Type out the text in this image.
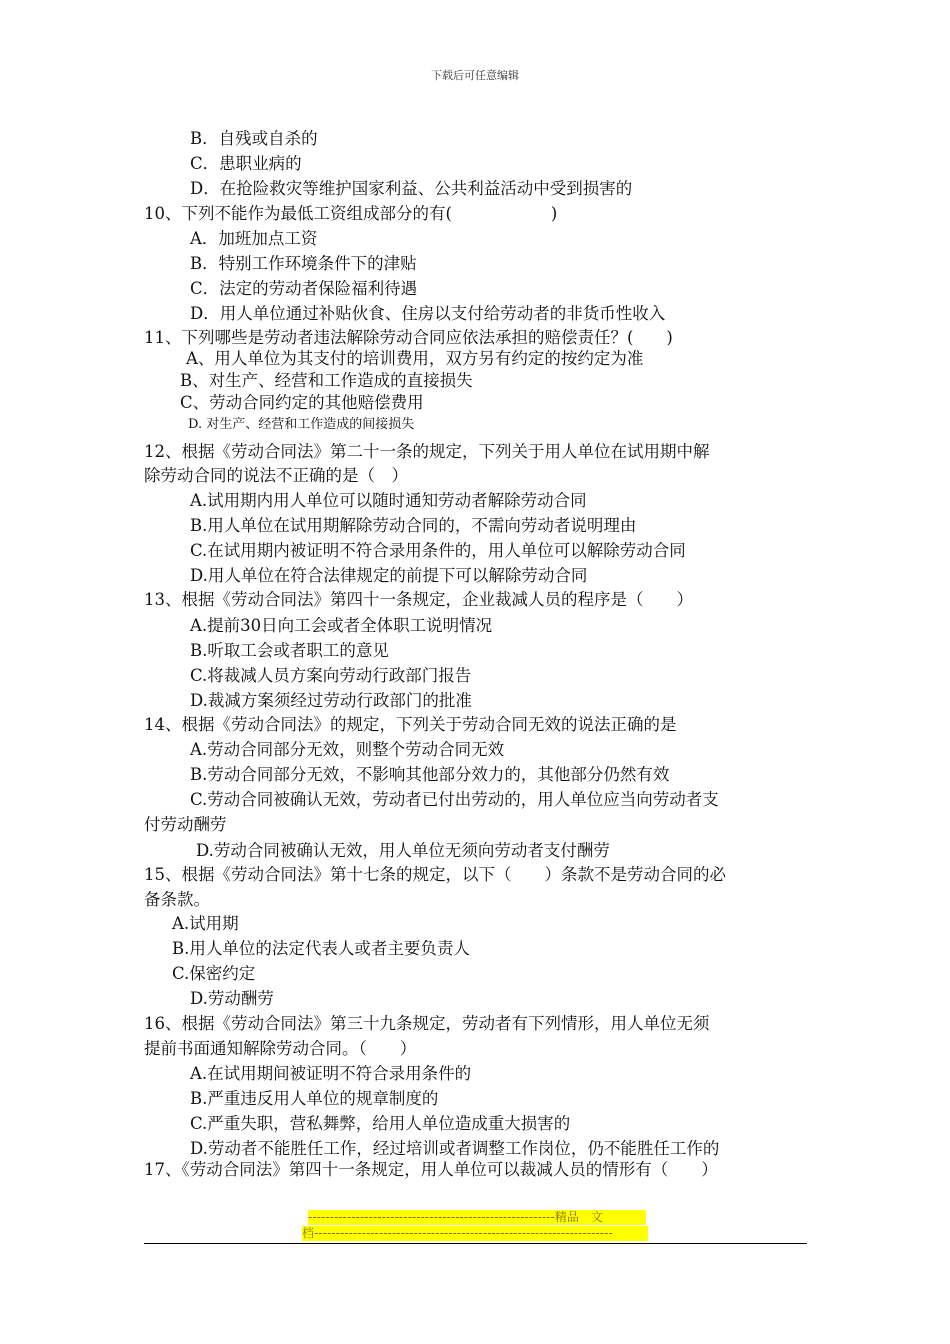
下载后可任意编辑
B．自残或自杀的
C．患职业病的
D．在抢险救灾等维护国家利益、公共利益活动中受到损害的
10、下列不能作为最低工资组成部分的有(　　　　　　)
A．加班加点工资
B．特别工作环境条件下的津贴
C．法定的劳动者保险福利待遇
D．用人单位通过补贴伙食、住房以支付给劳动者的非货币性收入
11、下列哪些是劳动者违法解除劳动合同应依法承担的赔偿责任？(　　)
A、用人单位为其支付的培训费用，双方另有约定的按约定为准
B、对生产、经营和工作造成的直接损失
C、劳动合同约定的其他赔偿费用
D. 对生产、经营和工作造成的间接损失
12、根据《劳动合同法》第二十一条的规定，下列关于用人单位在试用期中解
除劳动合同的说法不正确的是（　）
A.试用期内用人单位可以随时通知劳动者解除劳动合同
B.用人单位在试用期解除劳动合同的，不需向劳动者说明理由
C.在试用期内被证明不符合录用条件的，用人单位可以解除劳动合同
D.用人单位在符合法律规定的前提下可以解除劳动合同
13、根据《劳动合同法》第四十一条规定，企业裁减人员的程序是（　　）
A.提前30日向工会或者全体职工说明情况
B.听取工会或者职工的意见
C.将裁减人员方案向劳动行政部门报告
D.裁减方案须经过劳动行政部门的批准
14、根据《劳动合同法》的规定，下列关于劳动合同无效的说法正确的是
A.劳动合同部分无效，则整个劳动合同无效
B.劳动合同部分无效，不影响其他部分效力的，其他部分仍然有效
C.劳动合同被确认无效，劳动者已付出劳动的，用人单位应当向劳动者支
付劳动酬劳
D.劳动合同被确认无效，用人单位无须向劳动者支付酬劳
15、根据《劳动合同法》第十七条的规定，以下（　　）条款不是劳动合同的必
备条款。
A.试用期
B.用人单位的法定代表人或者主要负责人
C.保密约定
D.劳动酬劳
16、根据《劳动合同法》第三十九条规定，劳动者有下列情形，用人单位无须
提前书面通知解除劳动合同。（　　）
A.在试用期间被证明不符合录用条件的
B.严重违反用人单位的规章制度的
C.严重失职，营私舞弊，给用人单位造成重大损害的
D.劳动者不能胜任工作，经过培训或者调整工作岗位，仍不能胜任工作的
17、《劳动合同法》第四十一条规定，用人单位可以裁减人员的情形有（　　）
---------------------------------------------------------精品　文
档---------------------------------------------------------------------
